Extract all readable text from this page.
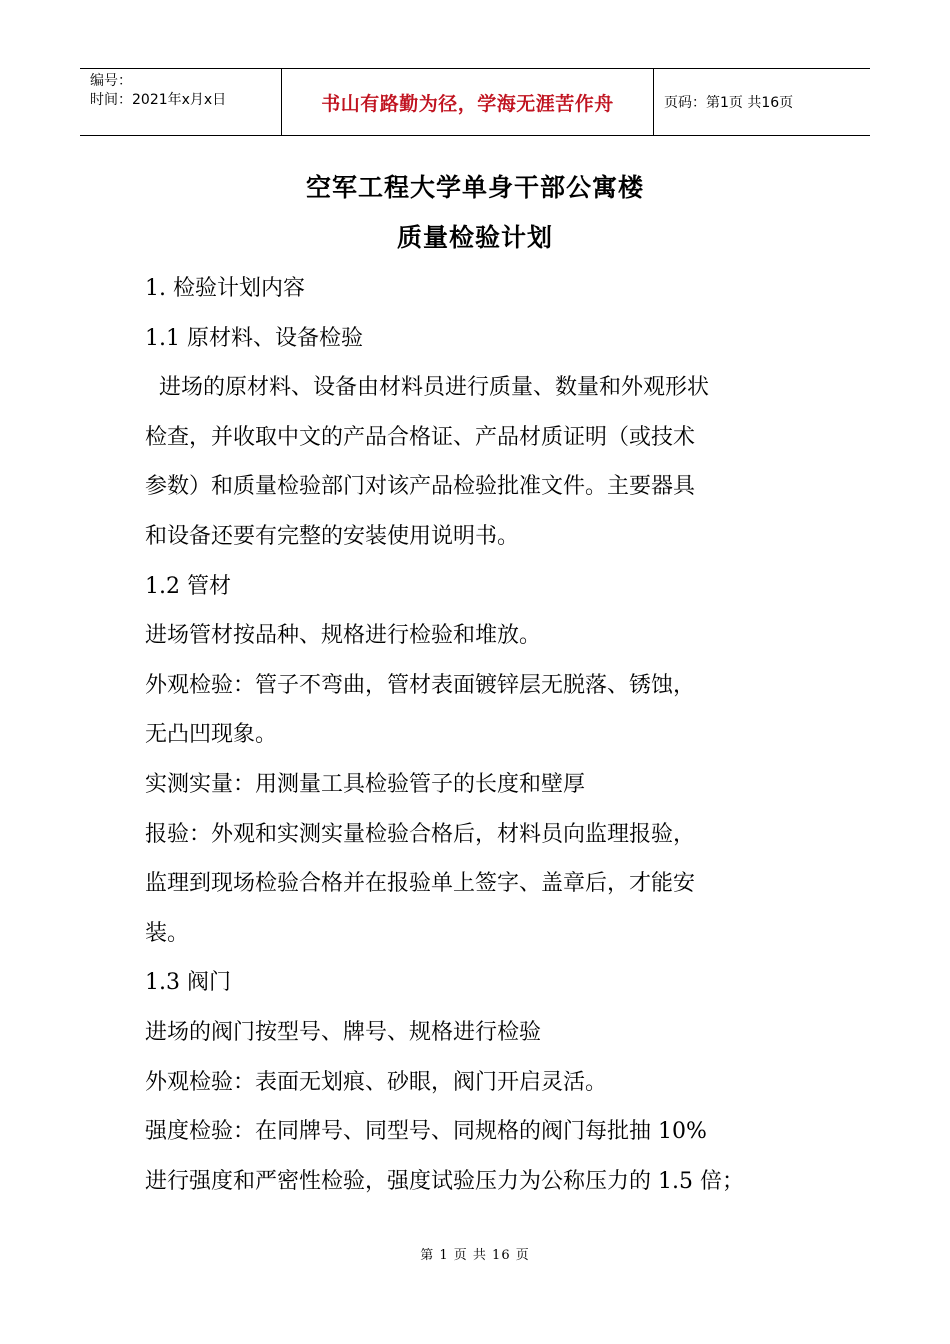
编号：
时间：2021年x月x日	书山有路勤为径，学海无涯苦作舟	页码：第1页 共16页
空军工程大学单身干部公寓楼
质量检验计划

1. 检验计划内容

1.1 原材料、设备检验

进场的原材料、设备由材料员进行质量、数量和外观形状

检查，并收取中文的产品合格证、产品材质证明（或技术

参数）和质量检验部门对该产品检验批准文件。主要器具

和设备还要有完整的安装使用说明书。

1.2 管材

进场管材按品种、规格进行检验和堆放。

外观检验：管子不弯曲，管材表面镀锌层无脱落、锈蚀，

无凸凹现象。

实测实量：用测量工具检验管子的长度和壁厚

报验：外观和实测实量检验合格后，材料员向监理报验，

监理到现场检验合格并在报验单上签字、盖章后，才能安

装。

1.3 阀门

进场的阀门按型号、牌号、规格进行检验

外观检验：表面无划痕、砂眼，阀门开启灵活。

强度检验：在同牌号、同型号、同规格的阀门每批抽 10%

进行强度和严密性检验，强度试验压力为公称压力的 1.5 倍；

第 1 页 共 16 页
